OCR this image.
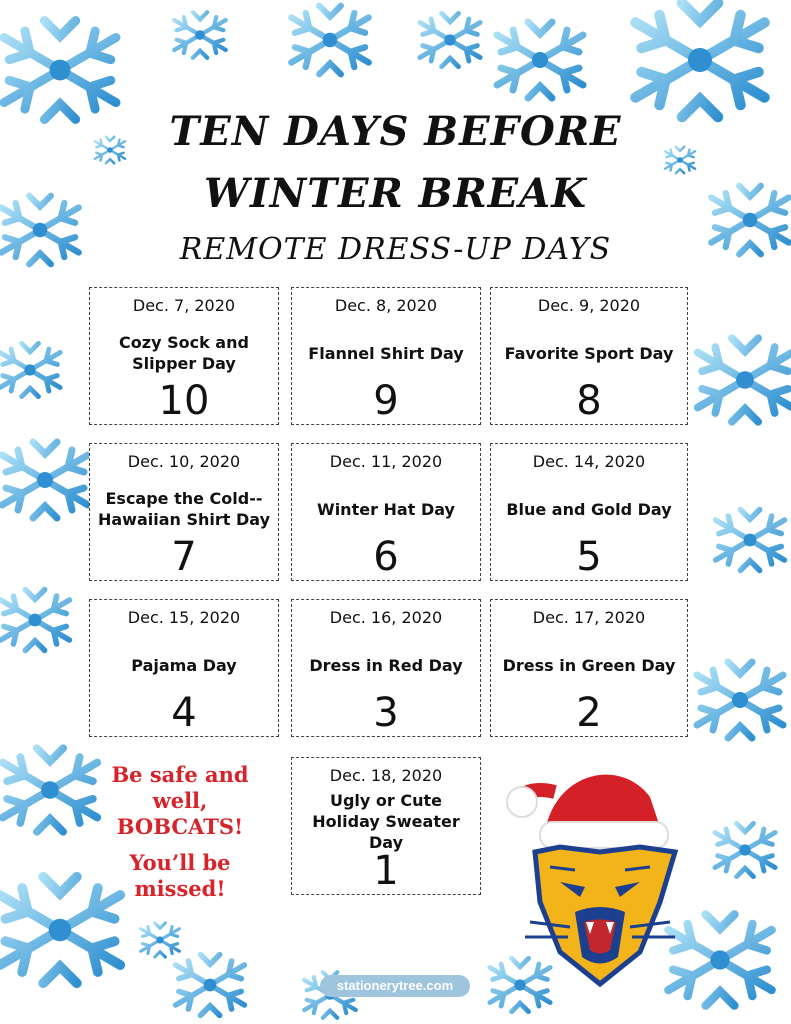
TEN DAYS BEFORE
WINTER BREAK
REMOTE DRESS-UP DAYS
Dec. 7, 2020
Cozy Sock and Slipper Day
10
Dec. 8, 2020
Flannel Shirt Day
9
Dec. 9, 2020
Favorite Sport Day
8
Dec. 10, 2020
Escape the Cold--Hawaiian Shirt Day
7
Dec. 11, 2020
Winter Hat Day
6
Dec. 14, 2020
Blue and Gold Day
5
Dec. 15, 2020
Pajama Day
4
Dec. 16, 2020
Dress in Red Day
3
Dec. 17, 2020
Dress in Green Day
2
Dec. 18, 2020
Ugly or Cute Holiday Sweater Day
1
Be safe and well, BOBCATS!
You’ll be missed!
stationerytree.com
